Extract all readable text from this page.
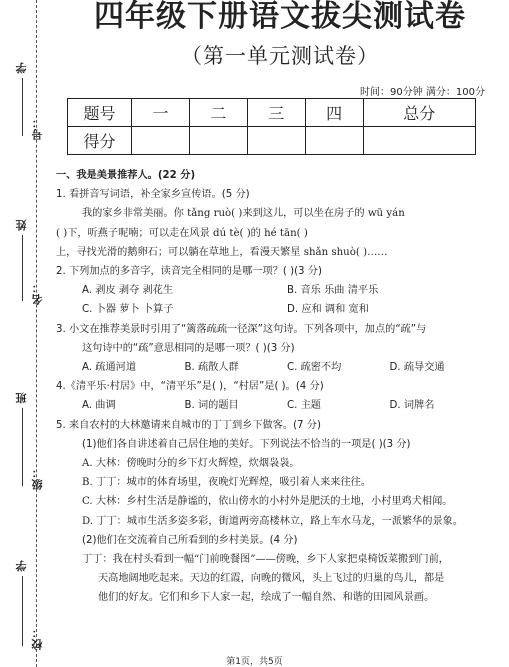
学号：
姓名：
班级：
学校：
四年级下册语文拔尖测试卷
（第一单元测试卷）
时间：90分钟 满分：100分
题号	一	二	三	四	总分
得分					
一、我是美景推荐人。(22 分)
1. 看拼音写词语，补全家乡宣传语。(5 分)
我的家乡非常美丽。你 tǎng ruò( )来到这儿，可以坐在房子的 wū yán
( )下，听燕子呢喃；可以走在风景 dú tè( )的 hé tān( )
上，寻找光滑的鹅卵石；可以躺在草地上，看漫天繁星 shǎn shuò( )……
2. 下列加点的多音字，读音完全相同的是哪一项？( )(3 分)
A. 剥皮 剥夺 剥花生	B. 音乐 乐曲 清平乐
C. 卜器 萝卜 卜算子	D. 应和 调和 宽和
3. 小文在推荐美景时引用了“篱落疏疏一径深”这句诗。下列各项中，加点的“疏”与
这句诗中的“疏”意思相同的是哪一项？( )(3 分)
A. 疏通河道	B. 疏散人群	C. 疏密不均	D. 疏导交通
4.《清平乐·村居》中，“清平乐”是( )，“村居”是( )。(4 分)
A. 曲调	B. 词的题目	C. 主题	D. 词牌名
5. 来自农村的大林邀请来自城市的丁丁到乡下做客。(7 分)
(1)他们各自讲述着自己居住地的美好。下列说法不恰当的一项是( )(3 分)
A. 大林：傍晚时分的乡下灯火辉煌，炊烟袅袅。
B. 丁丁：城市的体育场里，夜晚灯光辉煌，吸引着人来来往往。
C. 大林：乡村生活是静谧的，依山傍水的小村外是肥沃的土地，小村里鸡犬相闻。
D. 丁丁：城市生活多姿多彩，街道两旁高楼林立，路上车水马龙，一派繁华的景象。
(2)他们在交流着自己所看到的乡村美景。(4 分)
丁丁：我在村头看到一幅“门前晚餐图”——傍晚，乡下人家把桌椅饭菜搬到门前，
天高地阔地吃起来。天边的红霞，向晚的微风，头上飞过的归巢的鸟儿，都是
他们的好友。它们和乡下人家一起，绘成了一幅自然、和谐的田园风景画。
第1页，共5页
